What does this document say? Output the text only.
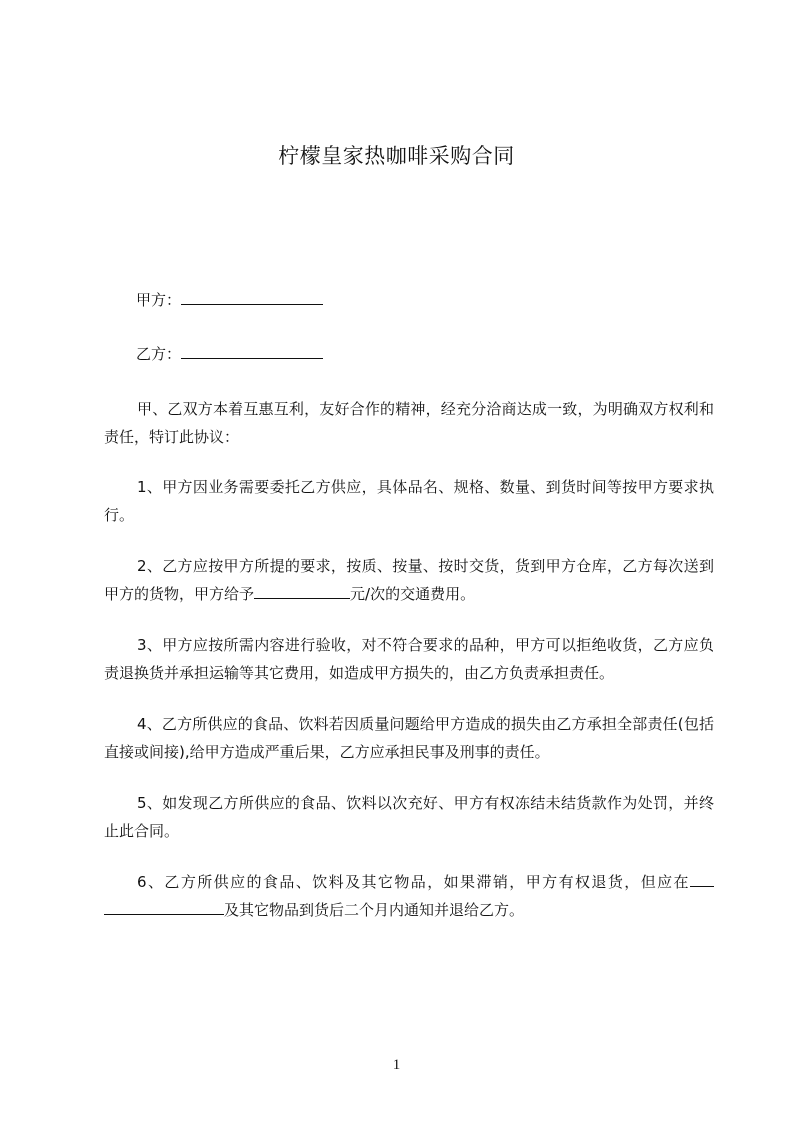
柠檬皇家热咖啡采购合同
甲方：
乙方：

甲、乙双方本着互惠互利，友好合作的精神，经充分洽商达成一致，为明确双方权利和责任，特订此协议：

1、甲方因业务需要委托乙方供应，具体品名、规格、数量、到货时间等按甲方要求执行。

2、乙方应按甲方所提的要求，按质、按量、按时交货，货到甲方仓库，乙方每次送到甲方的货物，甲方给予	元/次的交通费用。

3、甲方应按所需内容进行验收，对不符合要求的品种，甲方可以拒绝收货，乙方应负责退换货并承担运输等其它费用，如造成甲方损失的，由乙方负责承担责任。

4、乙方所供应的食品、饮料若因质量问题给甲方造成的损失由乙方承担全部责任(包括直接或间接),给甲方造成严重后果，乙方应承担民事及刑事的责任。

5、如发现乙方所供应的食品、饮料以次充好、甲方有权冻结未结货款作为处罚，并终止此合同。

6、乙方所供应的食品、饮料及其它物品，如果滞销，甲方有权退货，但应在及其它物品到货后二个月内通知并退给乙方。

1
